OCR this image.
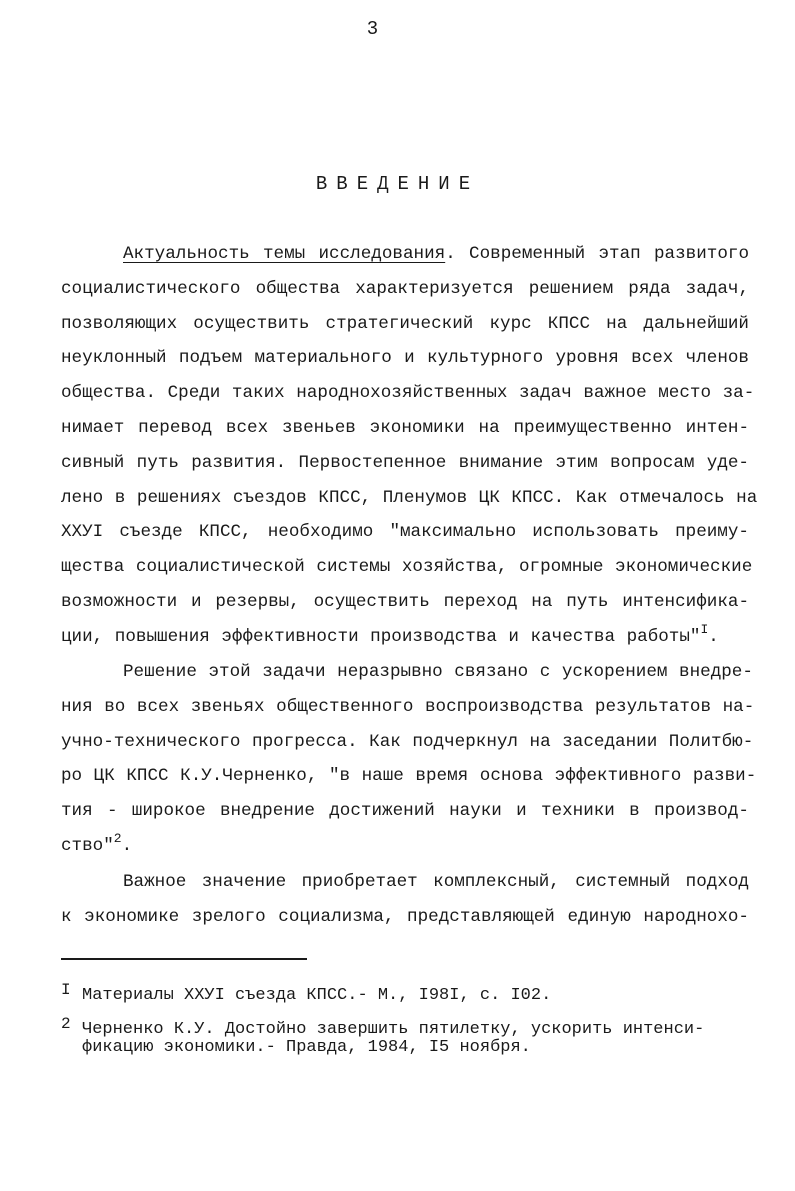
3
ВВЕДЕНИЕ
Актуальность темы исследования. Современный этап развитого
социалистического общества характеризуется решением ряда задач,
позволяющих осуществить стратегический курс КПСС на дальнейший
неуклонный подъем материального и культурного уровня всех членов
общества. Среди таких народнохозяйственных задач важное место за-
нимает перевод всех звеньев экономики на преимущественно интен-
сивный путь развития. Первостепенное внимание этим вопросам уде-
лено в решениях съездов КПСС, Пленумов ЦК КПСС. Как отмечалось на
XXУI съезде КПСС, необходимо "максимально использовать преиму-
щества социалистической системы хозяйства, огромные экономические
возможности и резервы, осуществить переход на путь интенсифика-
ции, повышения эффективности производства и качества работы"$^I$.
Решение этой задачи неразрывно связано с ускорением внедре-
ния во всех звеньях общественного воспроизводства результатов на-
учно-технического прогресса. Как подчеркнул на заседании Политбю-
ро ЦК КПСС К.У.Черненко, "в наше время основа эффективного разви-
тия - широкое внедрение достижений науки и техники в производ-
ство"$^2$.
Важное значение приобретает комплексный, системный подход
к экономике зрелого социализма, представляющей единую народнохо-
I Материалы XXУI съезда КПСС.- М., I98I, с. I02.
2 Черненко К.У. Достойно завершить пятилетку, ускорить интенси-
фикацию экономики.- Правда, 1984, I5 ноября.
